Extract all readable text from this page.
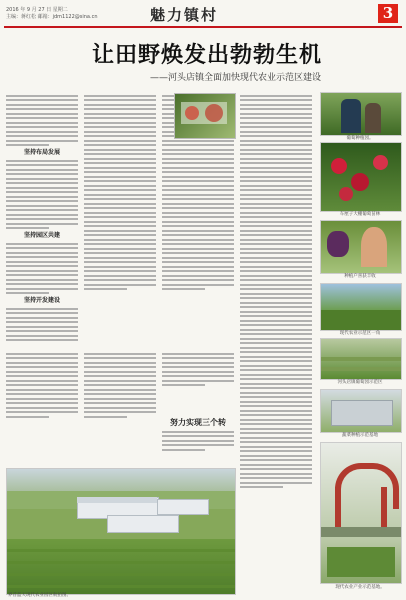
2016 年 9 月 27 日 星期二
主编：蒋红松 邮箱：jdm1122@sina.cn	魅力镇村	3
让田野焕发出勃勃生机
——河头店镇全面加快现代农业示范区建设
坚持布局发展
坚持园区共建
坚持开发建设
努力实现三个转
界首蓝天现代农业园区航拍图。
葡萄种植园。
车厘子大棚葡萄苗林
种植户喜获丰收
现代农业示范区一角
河头店镇葡萄园示范区
蔬菜种植示范基地
现代农业产业示范基地。
